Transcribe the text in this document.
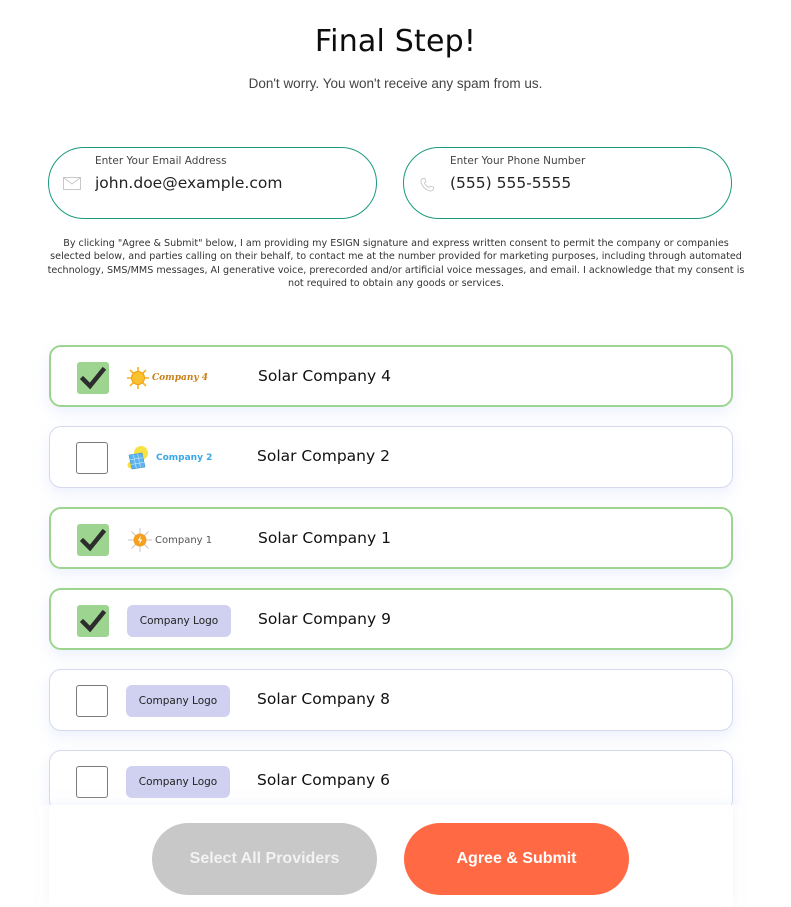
Final Step!
Don't worry. You won't receive any spam from us.
Enter Your Email Address
john.doe@example.com	Enter Your Phone Number
(555) 555-5555

By clicking "Agree & Submit" below, I am providing my ESIGN signature and express written consent to permit the company or companies selected below, and parties calling on their behalf, to contact me at the number provided for marketing purposes, including through automated technology, SMS/MMS messages, AI generative voice, prerecorded and/or artificial voice messages, and email. I acknowledge that my consent is not required to obtain any goods or services.

Company 4	Solar Company 4
Company 2	Solar Company 2
Company 1	Solar Company 1
Company Logo	Solar Company 9
Company Logo	Solar Company 8
Company Logo	Solar Company 6
Select All Providers	Agree & Submit
